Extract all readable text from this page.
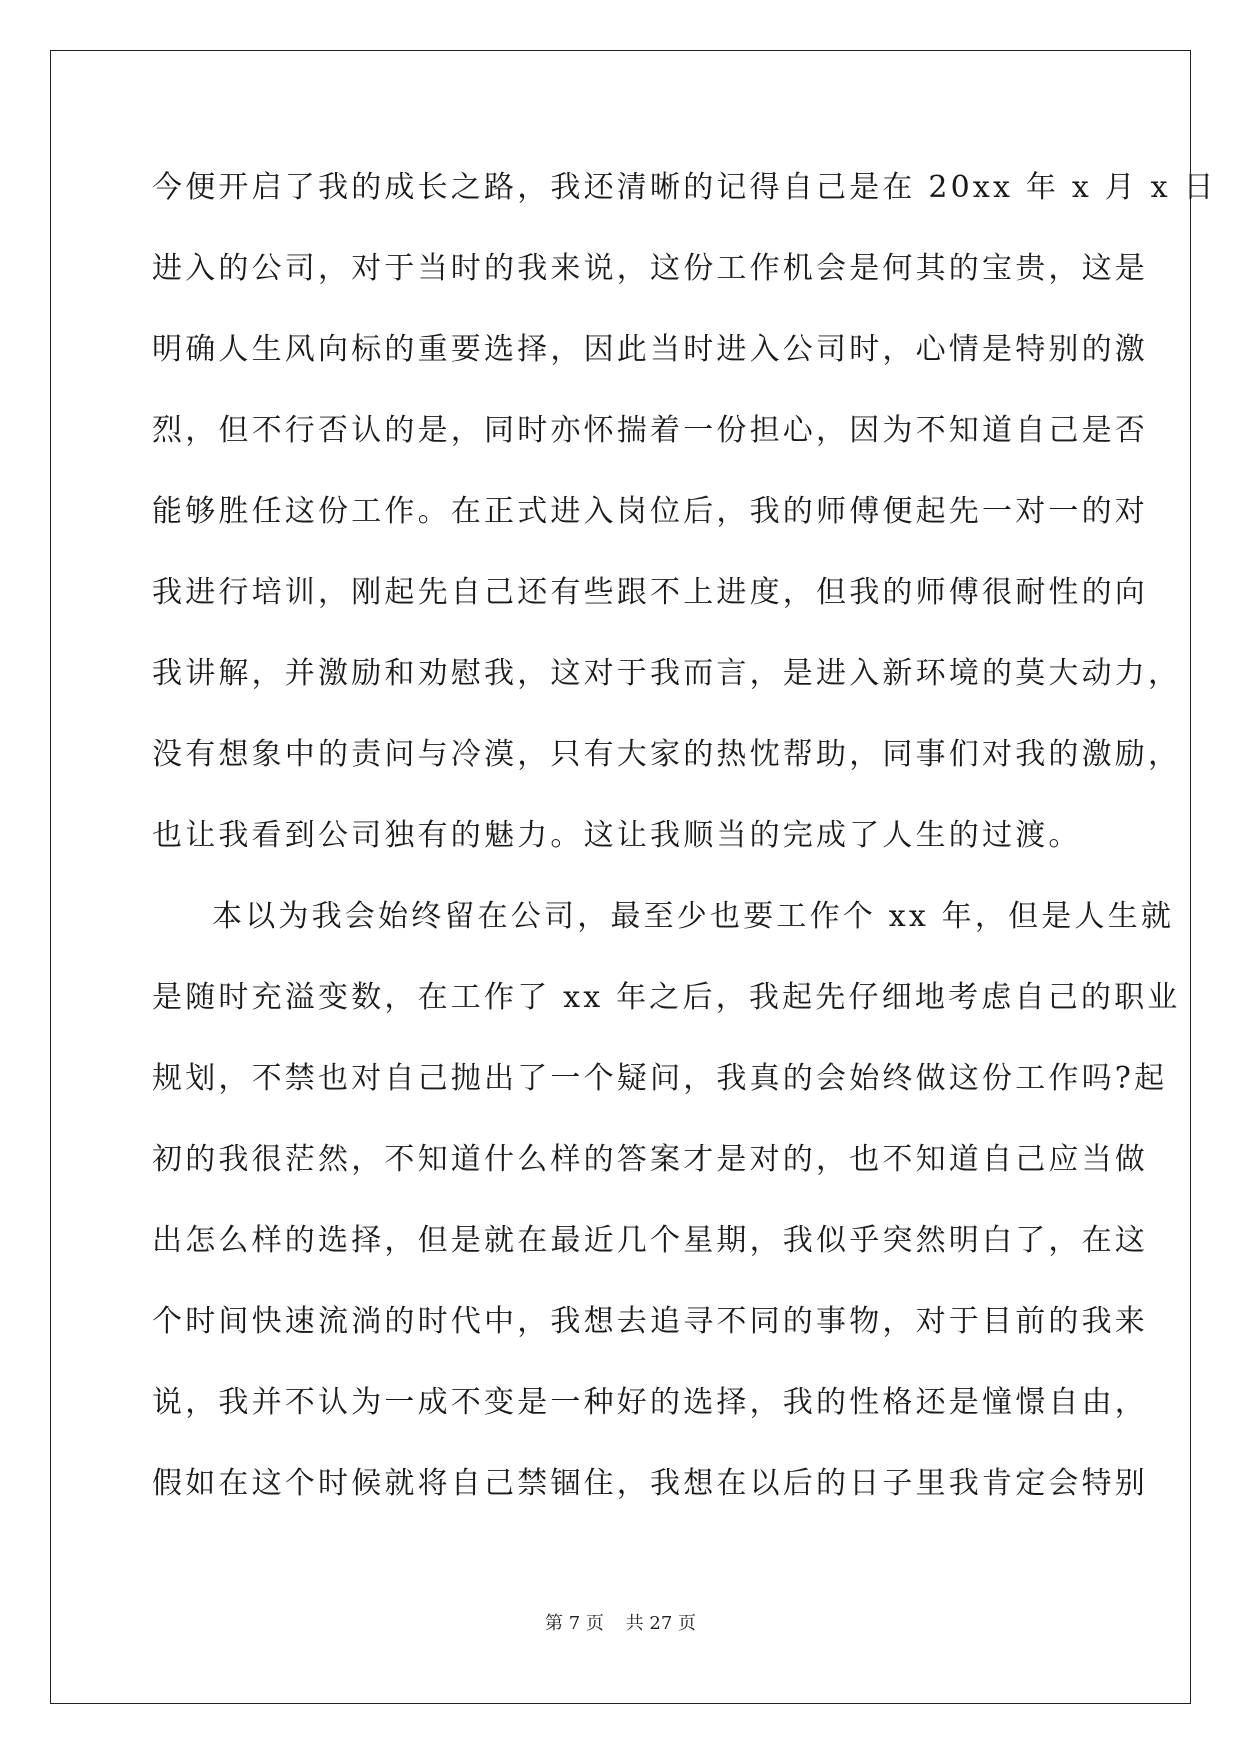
今便开启了我的成长之路，我还清晰的记得自己是在 20xx 年 x 月 x 日
进入的公司，对于当时的我来说，这份工作机会是何其的宝贵，这是
明确人生风向标的重要选择，因此当时进入公司时，心情是特别的激
烈，但不行否认的是，同时亦怀揣着一份担心，因为不知道自己是否
能够胜任这份工作。在正式进入岗位后，我的师傅便起先一对一的对
我进行培训，刚起先自己还有些跟不上进度，但我的师傅很耐性的向
我讲解，并激励和劝慰我，这对于我而言，是进入新环境的莫大动力，
没有想象中的责问与冷漠，只有大家的热忱帮助，同事们对我的激励，
也让我看到公司独有的魅力。这让我顺当的完成了人生的过渡。
本以为我会始终留在公司，最至少也要工作个 xx 年，但是人生就
是随时充溢变数，在工作了 xx 年之后，我起先仔细地考虑自己的职业
规划，不禁也对自己抛出了一个疑问，我真的会始终做这份工作吗?起
初的我很茫然，不知道什么样的答案才是对的，也不知道自己应当做
出怎么样的选择，但是就在最近几个星期，我似乎突然明白了，在这
个时间快速流淌的时代中，我想去追寻不同的事物，对于目前的我来
说，我并不认为一成不变是一种好的选择，我的性格还是憧憬自由，
假如在这个时候就将自己禁锢住，我想在以后的日子里我肯定会特别
第 7 页 共 27 页
